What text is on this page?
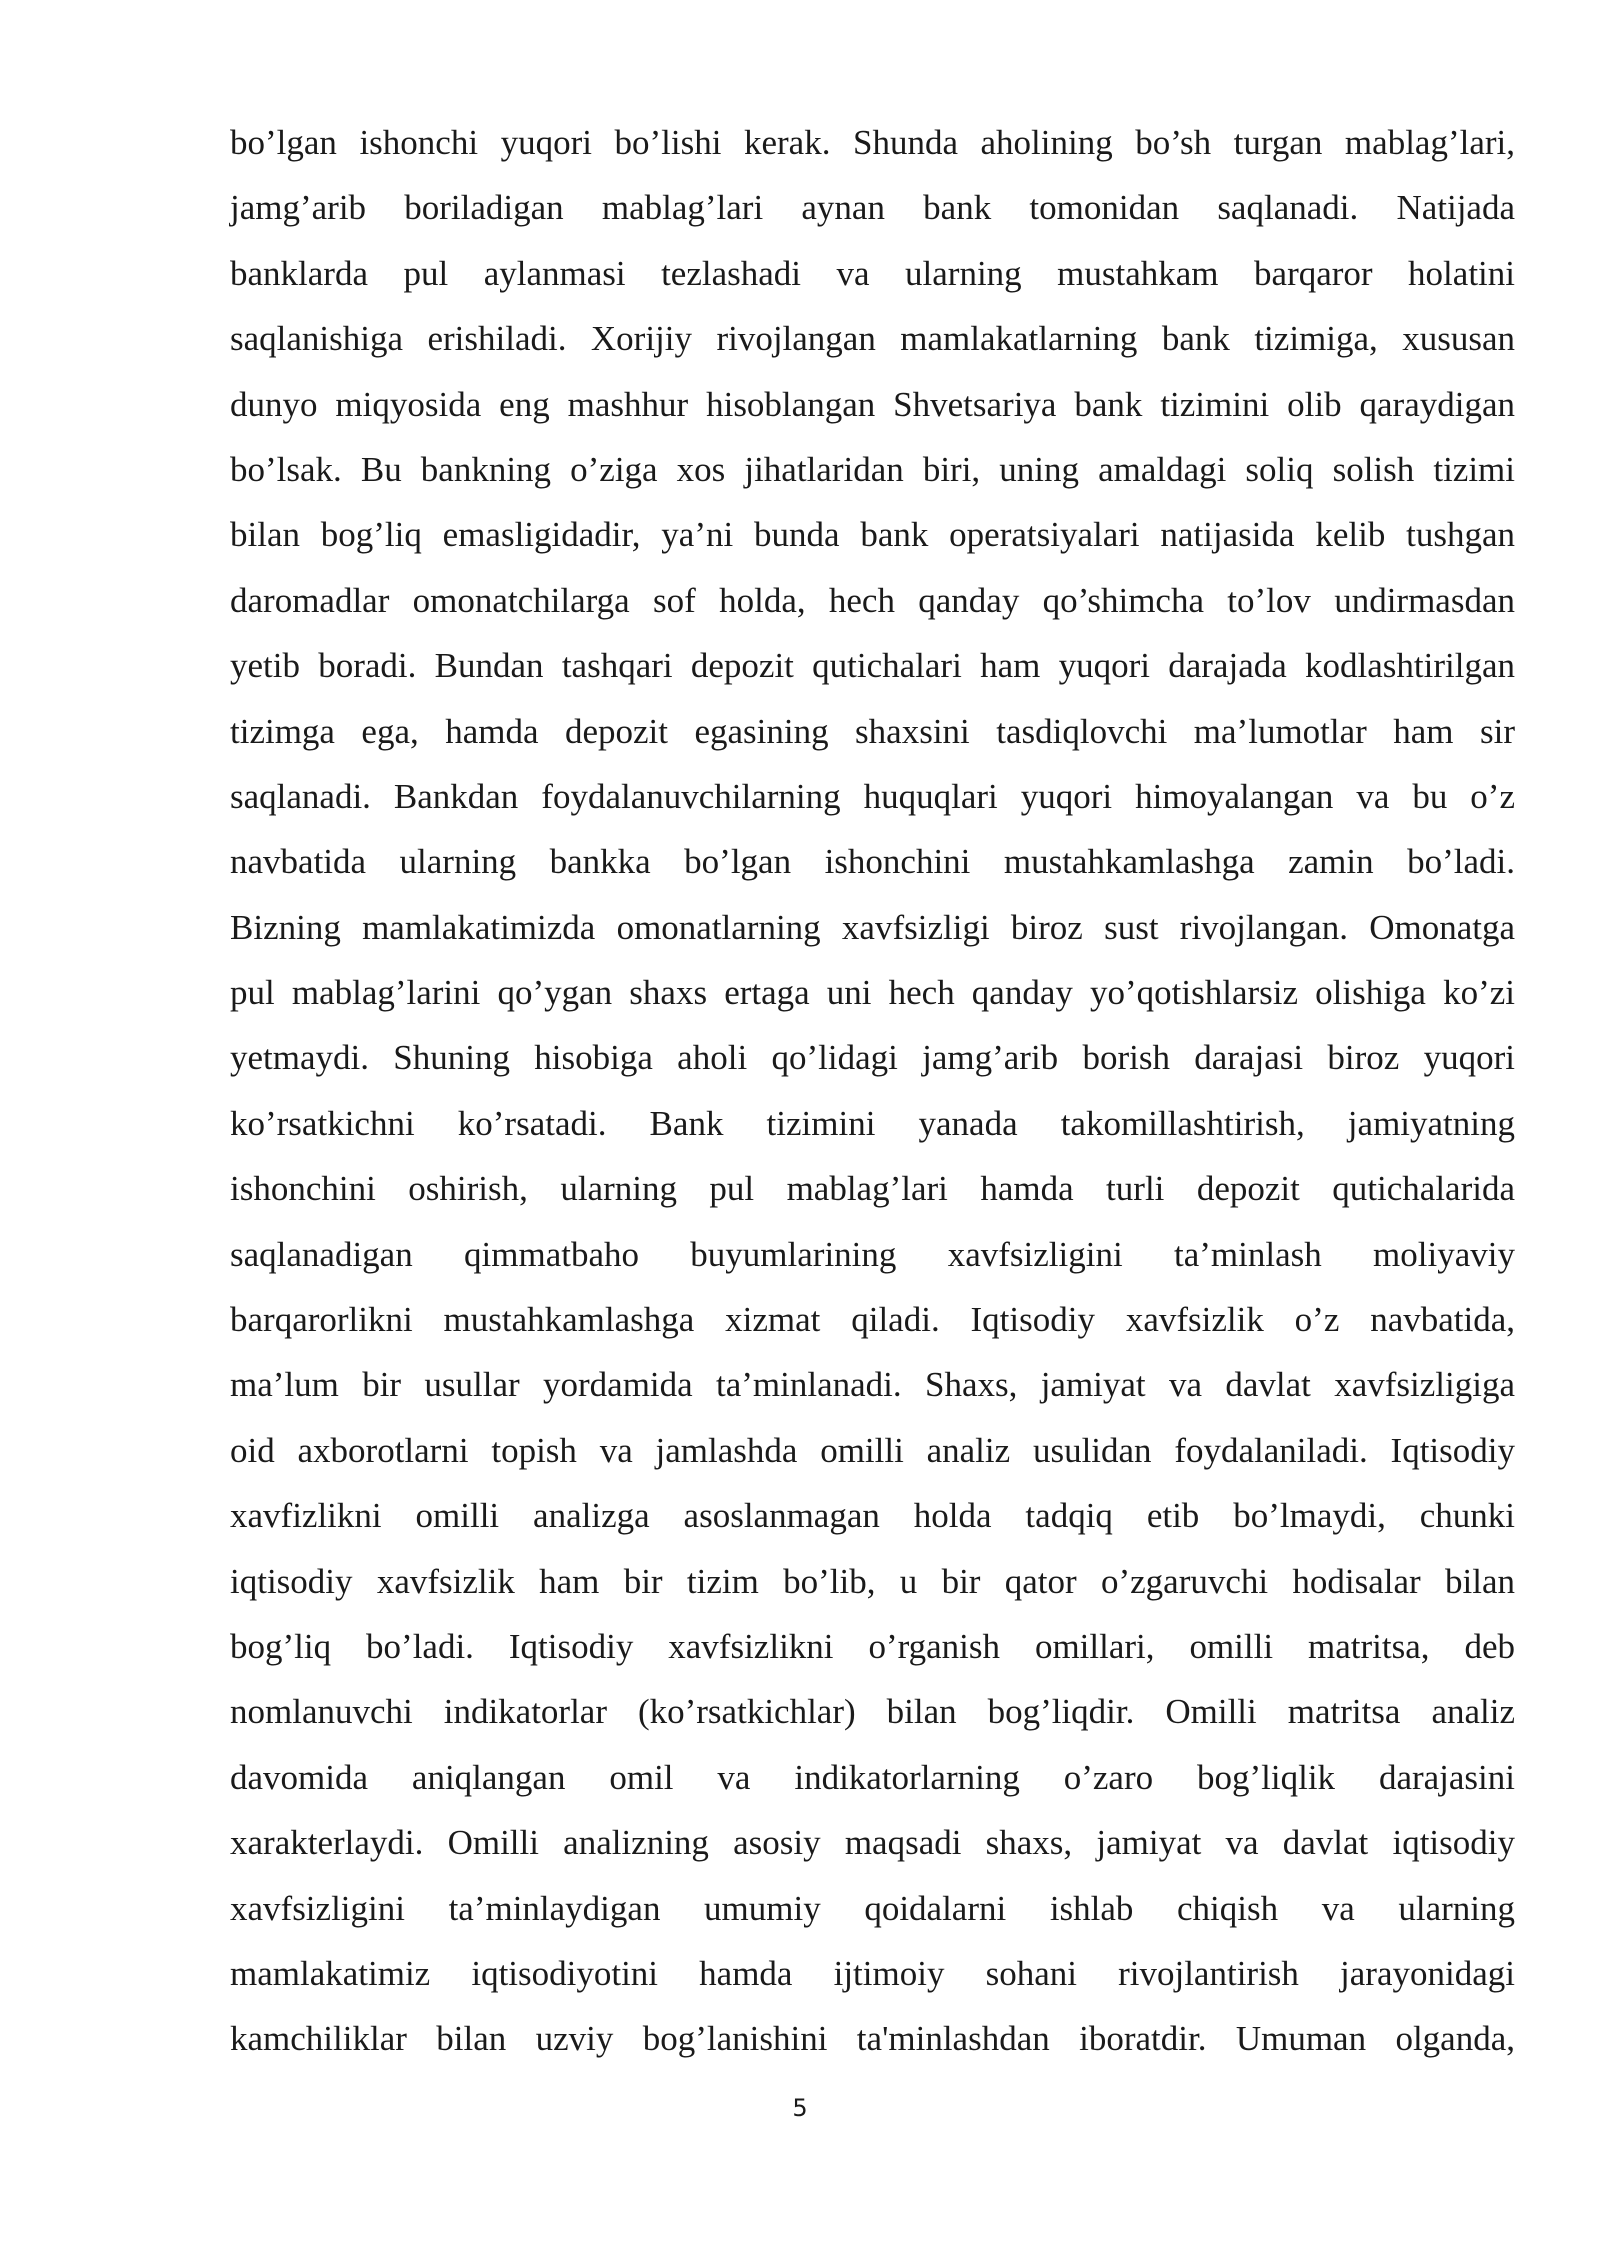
bo’lgan ishonchi yuqori bo’lishi kerak. Shunda aholining bo’sh turgan mablag’lari,
jamg’arib boriladigan mablag’lari aynan bank tomonidan saqlanadi. Natijada
banklarda pul aylanmasi tezlashadi va ularning mustahkam barqaror holatini
saqlanishiga erishiladi. Xorijiy rivojlangan mamlakatlarning bank tizimiga, xususan
dunyo miqyosida eng mashhur hisoblangan Shvetsariya bank tizimini olib qaraydigan
bo’lsak. Bu bankning o’ziga xos jihatlaridan biri, uning amaldagi soliq solish tizimi
bilan bog’liq emasligidadir, ya’ni bunda bank operatsiyalari natijasida kelib tushgan
daromadlar omonatchilarga sof holda, hech qanday qo’shimcha to’lov undirmasdan
yetib boradi. Bundan tashqari depozit qutichalari ham yuqori darajada kodlashtirilgan
tizimga ega, hamda depozit egasining shaxsini tasdiqlovchi ma’lumotlar ham sir
saqlanadi. Bankdan foydalanuvchilarning huquqlari yuqori himoyalangan va bu o’z
navbatida ularning bankka bo’lgan ishonchini mustahkamlashga zamin bo’ladi.
Bizning mamlakatimizda omonatlarning xavfsizligi biroz sust rivojlangan. Omonatga
pul mablag’larini qo’ygan shaxs ertaga uni hech qanday yo’qotishlarsiz olishiga ko’zi
yetmaydi. Shuning hisobiga aholi qo’lidagi jamg’arib borish darajasi biroz yuqori
ko’rsatkichni ko’rsatadi. Bank tizimini yanada takomillashtirish, jamiyatning
ishonchini oshirish, ularning pul mablag’lari hamda turli depozit qutichalarida
saqlanadigan qimmatbaho buyumlarining xavfsizligini ta’minlash moliyaviy
barqarorlikni mustahkamlashga xizmat qiladi. Iqtisodiy xavfsizlik o’z navbatida,
ma’lum bir usullar yordamida ta’minlanadi. Shaxs, jamiyat va davlat xavfsizligiga
oid axborotlarni topish va jamlashda omilli analiz usulidan foydalaniladi. Iqtisodiy
xavfizlikni omilli analizga asoslanmagan holda tadqiq etib bo’lmaydi, chunki
iqtisodiy xavfsizlik ham bir tizim bo’lib, u bir qator o’zgaruvchi hodisalar bilan
bog’liq bo’ladi. Iqtisodiy xavfsizlikni o’rganish omillari, omilli matritsa, deb
nomlanuvchi indikatorlar (ko’rsatkichlar) bilan bog’liqdir. Omilli matritsa analiz
davomida aniqlangan omil va indikatorlarning o’zaro bog’liqlik darajasini
xarakterlaydi. Omilli analizning asosiy maqsadi shaxs, jamiyat va davlat iqtisodiy
xavfsizligini ta’minlaydigan umumiy qoidalarni ishlab chiqish va ularning
mamlakatimiz iqtisodiyotini hamda ijtimoiy sohani rivojlantirish jarayonidagi
kamchiliklar bilan uzviy bog’lanishini ta'minlashdan iboratdir. Umuman olganda,
5
